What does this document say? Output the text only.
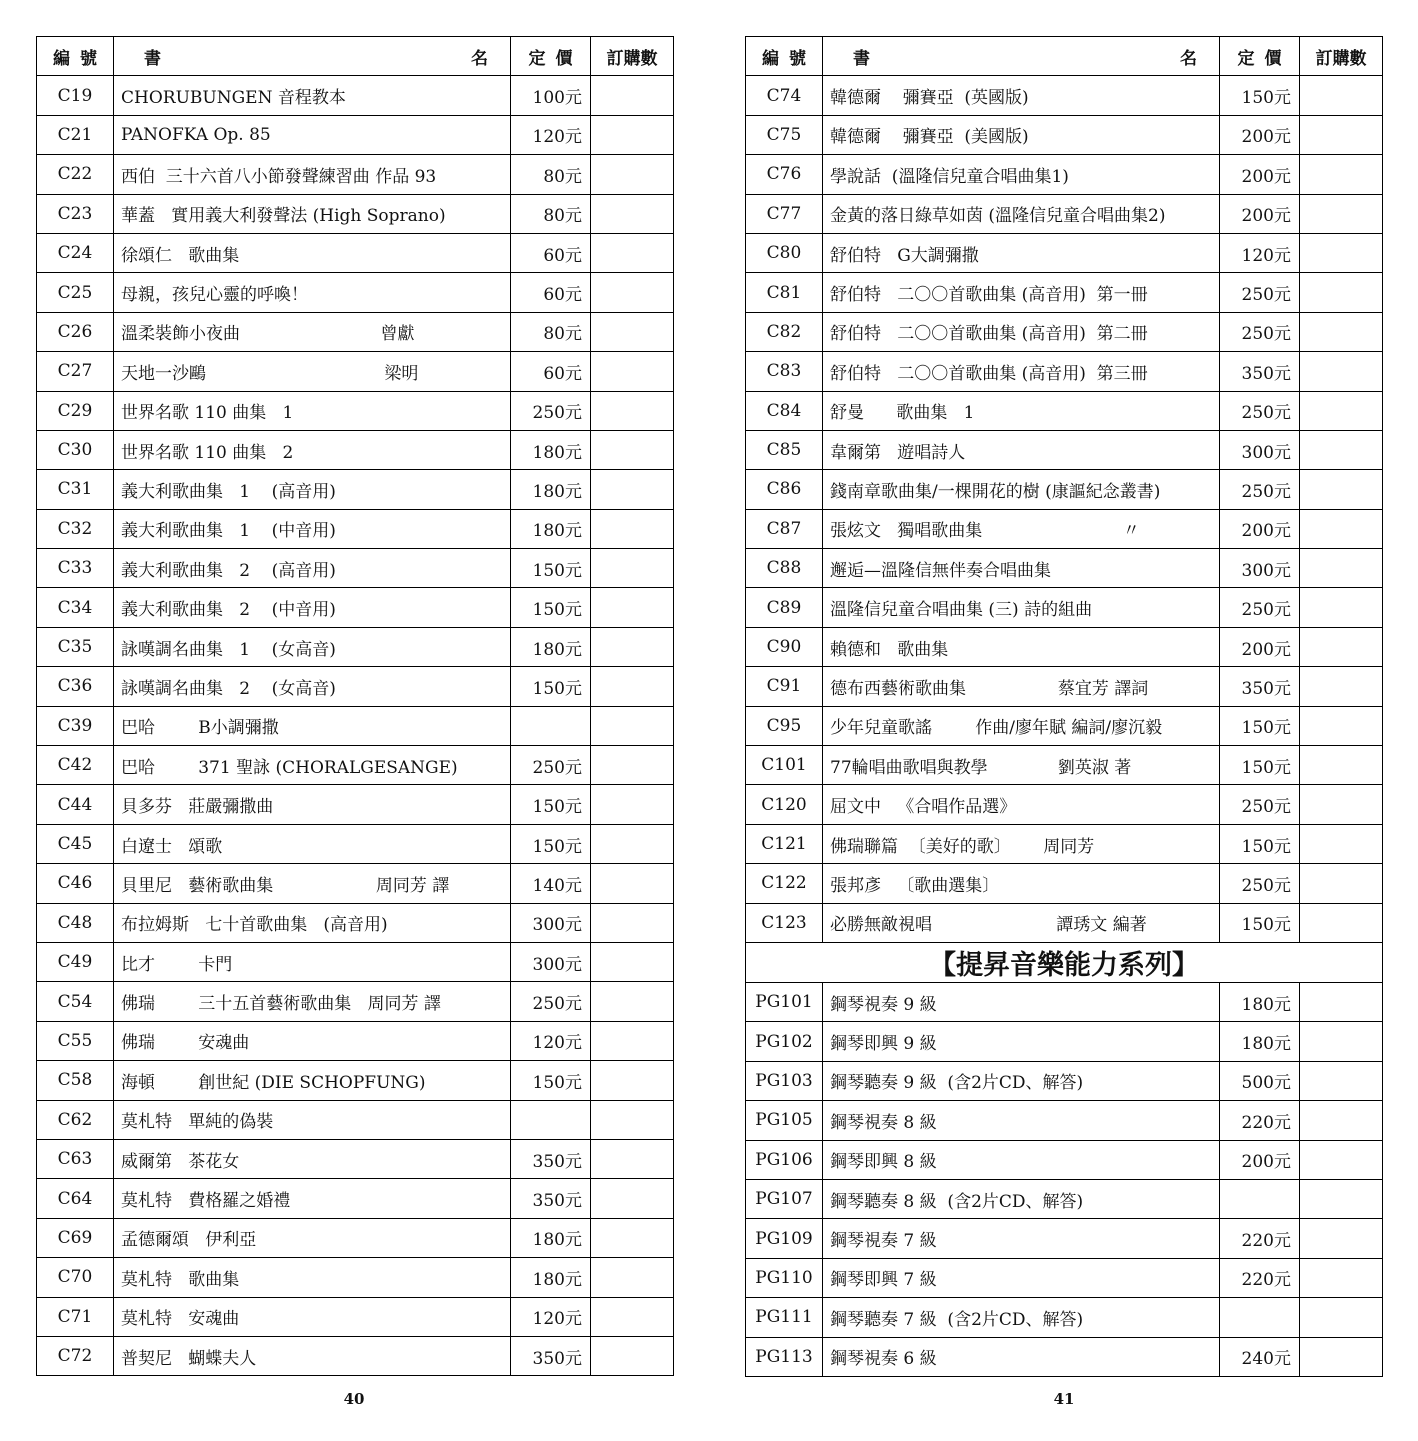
編號	書 名	定價	訂購數
C19	CHORUBUNGEN 音程教本	100元	
C21	PANOFKA Op. 85	120元	
C22	西伯  三十六首八小節發聲練習曲 作品 93	80元	
C23	華蓋   實用義大利發聲法 (High Soprano)	80元	
C24	徐頌仁   歌曲集	60元	
C25	母親，孩兒心靈的呼喚！	60元	
C26	溫柔裝飾小夜曲                          曾獻	80元	
C27	天地一沙鷗                                 梁明	60元	
C29	世界名歌 110 曲集   1	250元	
C30	世界名歌 110 曲集   2	180元	
C31	義大利歌曲集   1    (高音用)	180元	
C32	義大利歌曲集   1    (中音用)	180元	
C33	義大利歌曲集   2    (高音用)	150元	
C34	義大利歌曲集   2    (中音用)	150元	
C35	詠嘆調名曲集   1    (女高音)	180元	
C36	詠嘆調名曲集   2    (女高音)	150元	
C39	巴哈        B小調彌撒		
C42	巴哈        371 聖詠 (CHORALGESANGE)	250元	
C44	貝多芬   莊嚴彌撒曲	150元	
C45	白遼士   頌歌	150元	
C46	貝里尼   藝術歌曲集                   周同芳 譯	140元	
C48	布拉姆斯   七十首歌曲集   (高音用)	300元	
C49	比才        卡門	300元	
C54	佛瑞        三十五首藝術歌曲集   周同芳 譯	250元	
C55	佛瑞        安魂曲	120元	
C58	海頓        創世紀 (DIE SCHOPFUNG)	150元	
C62	莫札特   單純的偽裝		
C63	威爾第   茶花女	350元	
C64	莫札特   費格羅之婚禮	350元	
C69	孟德爾頌   伊利亞	180元	
C70	莫札特   歌曲集	180元	
C71	莫札特   安魂曲	120元	
C72	普契尼   蝴蝶夫人	350元	
編號	書 名	定價	訂購數
C74	韓德爾    彌賽亞  (英國版)	150元	
C75	韓德爾    彌賽亞  (美國版)	200元	
C76	學說話  (溫隆信兒童合唱曲集1)	200元	
C77	金黃的落日綠草如茵 (溫隆信兒童合唱曲集2)	200元	
C80	舒伯特   G大調彌撒	120元	
C81	舒伯特   二〇〇首歌曲集 (高音用)  第一冊	250元	
C82	舒伯特   二〇〇首歌曲集 (高音用)  第二冊	250元	
C83	舒伯特   二〇〇首歌曲集 (高音用)  第三冊	350元	
C84	舒曼      歌曲集   1	250元	
C85	韋爾第   遊唱詩人	300元	
C86	錢南章歌曲集/一棵開花的樹 (康謳紀念叢書)	250元	
C87	張炫文   獨唱歌曲集                          〃	200元	
C88	邂逅—溫隆信無伴奏合唱曲集	300元	
C89	溫隆信兒童合唱曲集 (三) 詩的組曲	250元	
C90	賴德和   歌曲集	200元	
C91	德布西藝術歌曲集                 蔡宜芳 譯詞	350元	
C95	少年兒童歌謠        作曲/廖年賦 編詞/廖沉毅	150元	
C101	77輪唱曲歌唱與教學             劉英淑 著	150元	
C120	屈文中   《合唱作品選》	250元	
C121	佛瑞聯篇  〔美好的歌〕      周同芳	150元	
C122	張邦彥   〔歌曲選集〕	250元	
C123	必勝無敵視唱                       譚琇文 編著	150元	
【提昇音樂能力系列】			
PG101	鋼琴視奏 9 級	180元	
PG102	鋼琴即興 9 級	180元	
PG103	鋼琴聽奏 9 級  (含2片CD、解答)	500元	
PG105	鋼琴視奏 8 級	220元	
PG106	鋼琴即興 8 級	200元	
PG107	鋼琴聽奏 8 級  (含2片CD、解答)		
PG109	鋼琴視奏 7 級	220元	
PG110	鋼琴即興 7 級	220元	
PG111	鋼琴聽奏 7 級  (含2片CD、解答)		
PG113	鋼琴視奏 6 級	240元	
40	41
